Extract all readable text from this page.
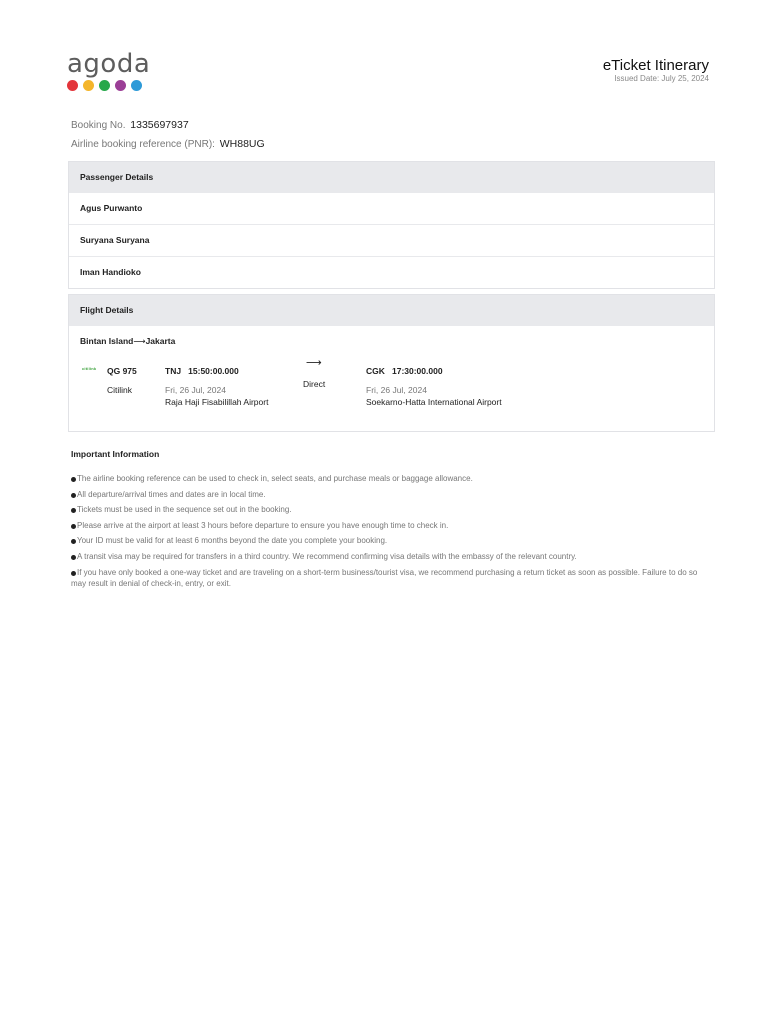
agoda	eTicket Itinerary
Issued Date: July 25, 2024
Booking No. 1335697937
Airline booking reference (PNR): WH88UG
Passenger Details
Agus Purwanto
Suryana Suryana
Iman Handioko
Flight Details
Bintan Island⟶Jakarta
citilink QG 975
Citilink
TNJ 15:50:00.000
Fri, 26 Jul, 2024
Raja Haji Fisabilillah Airport
⟶
Direct
CGK 17:30:00.000
Fri, 26 Jul, 2024
Soekarno-Hatta International Airport
Important Information
The airline booking reference can be used to check in, select seats, and purchase meals or baggage allowance.
All departure/arrival times and dates are in local time.
Tickets must be used in the sequence set out in the booking.
Please arrive at the airport at least 3 hours before departure to ensure you have enough time to check in.
Your ID must be valid for at least 6 months beyond the date you complete your booking.
A transit visa may be required for transfers in a third country. We recommend confirming visa details with the embassy of the relevant country.
If you have only booked a one-way ticket and are traveling on a short-term business/tourist visa, we recommend purchasing a return ticket as soon as possible. Failure to do so may result in denial of check-in, entry, or exit.
